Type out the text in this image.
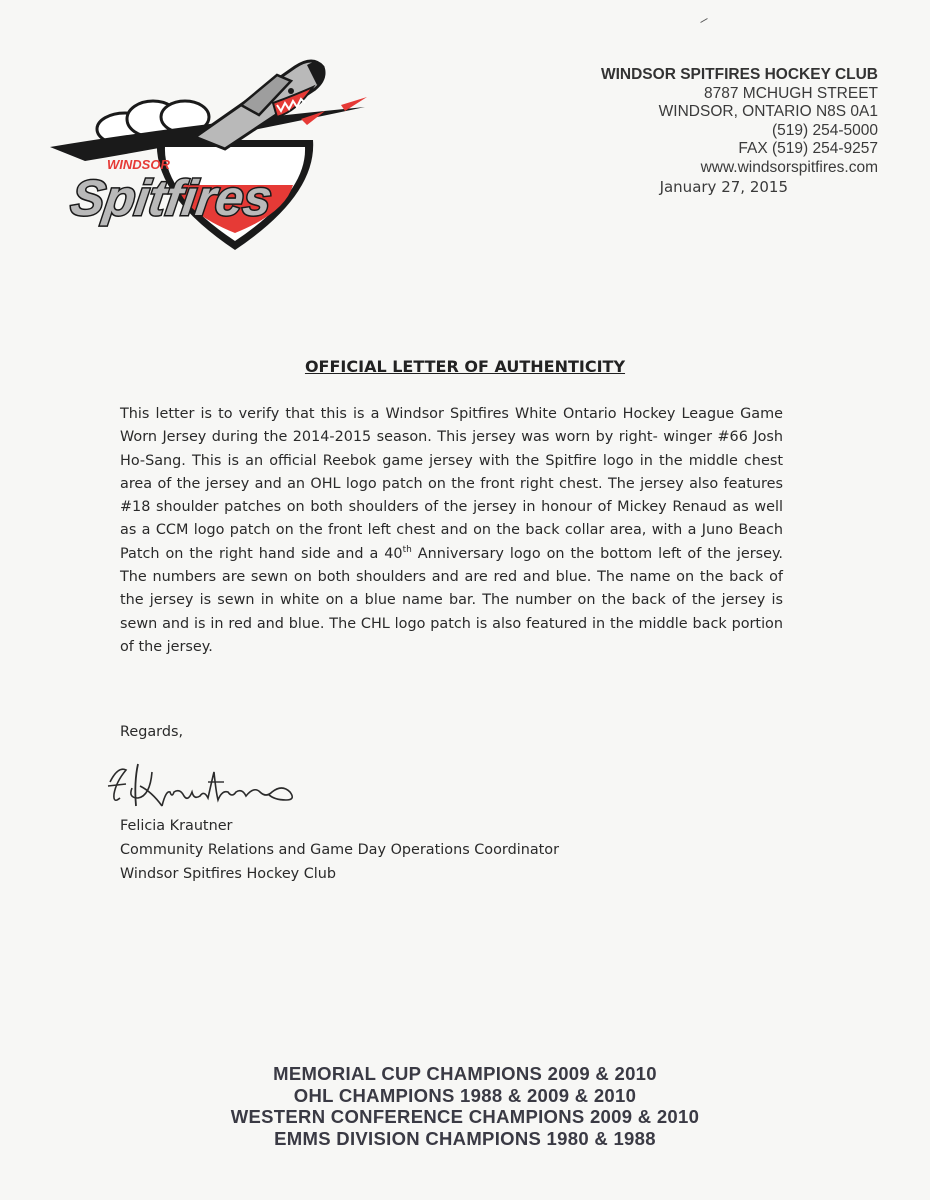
WINDSOR
Spitfires
WINDSOR SPITFIRES HOCKEY CLUB
8787 MCHUGH STREET
WINDSOR, ONTARIO N8S 0A1
(519) 254-5000
FAX (519) 254-9257
www.windsorspitfires.com
January 27, 2015
OFFICIAL LETTER OF AUTHENTICITY
This letter is to verify that this is a Windsor Spitfires White Ontario Hockey League Game Worn Jersey during the 2014-2015 season. This jersey was worn by right- winger #66 Josh Ho-Sang. This is an official Reebok game jersey with the Spitfire logo in the middle chest area of the jersey and an OHL logo patch on the front right chest. The jersey also features #18 shoulder patches on both shoulders of the jersey in honour of Mickey Renaud as well as a CCM logo patch on the front left chest and on the back collar area, with a Juno Beach Patch on the right hand side and a 40th Anniversary logo on the bottom left of the jersey. The numbers are sewn on both shoulders and are red and blue. The name on the back of the jersey is sewn in white on a blue name bar. The number on the back of the jersey is sewn and is in red and blue. The CHL logo patch is also featured in the middle back portion of the jersey.
Regards,
Felicia Krautner
Community Relations and Game Day Operations Coordinator
Windsor Spitfires Hockey Club
MEMORIAL CUP CHAMPIONS 2009 & 2010
OHL CHAMPIONS 1988 & 2009 & 2010
WESTERN CONFERENCE CHAMPIONS 2009 & 2010
EMMS DIVISION CHAMPIONS 1980 & 1988
